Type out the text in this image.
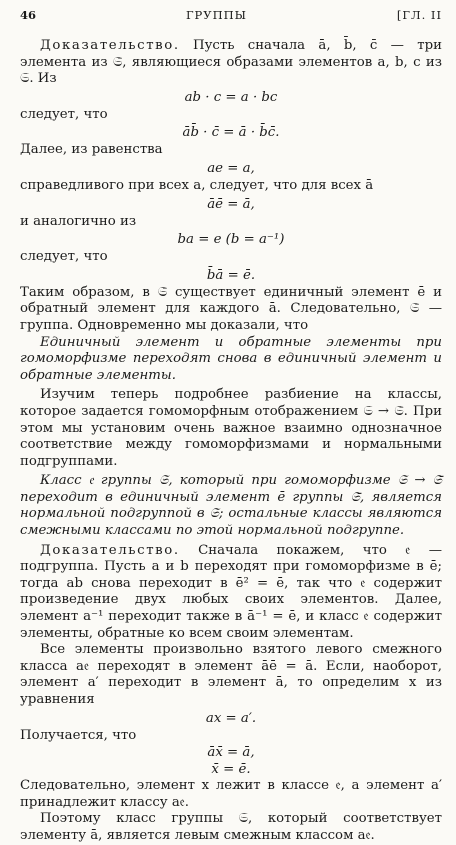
46	ГРУППЫ	[ГЛ. II

Доказательство. Пусть сначала ā, b̄, c̄ — три элемента из 𝔖̄, являющиеся образами элементов a, b, c из 𝔖. Из

ab · c = a · bc

следует, что

āb̄ · c̄ = ā · b̄c̄.

Далее, из равенства

ae = a,

справедливого при всех a, следует, что для всех ā

āē = ā,

и аналогично из

ba = e (b = a⁻¹)

следует, что

b̄ā = ē.

Таким образом, в 𝔖̄ существует единичный элемент ē и обратный элемент для каждого ā. Следовательно, 𝔖̄ — группа. Одновременно мы доказали, что

Единичный элемент и обратные элементы при гомоморфизме переходят снова в единичный элемент и обратные элементы.

Изучим теперь подробнее разбиение на классы, которое задается гомоморфным отображением 𝔖 → 𝔖̄. При этом мы установим очень важное взаимно однозначное соответствие между гомоморфизмами и нормальными подгруппами.

Класс 𝔢 группы 𝔖, который при гомоморфизме 𝔖 → 𝔖̄ переходит в единичный элемент ē группы 𝔖̄, является нормальной подгруппой в 𝔖; остальные классы являются смежными классами по этой нормальной подгруппе.

Доказательство. Сначала покажем, что 𝔢 — подгруппа. Пусть a и b переходят при гомоморфизме в ē; тогда ab снова переходит в ē² = ē, так что 𝔢 содержит произведение двух любых своих элементов. Далее, элемент a⁻¹ переходит также в ā⁻¹ = ē, и класс 𝔢 содержит элементы, обратные ко всем своим элементам.

Все элементы произвольно взятого левого смежного класса a𝔢 переходят в элемент āē = ā. Если, наоборот, элемент a′ переходит в элемент ā, то определим x из уравнения

ax = a′.

Получается, что

āx̄ = ā,

x̄ = ē.

Следовательно, элемент x лежит в классе 𝔢, а элемент a′ принадлежит классу a𝔢.

Поэтому класс группы 𝔖, который соответствует элементу ā, является левым смежным классом a𝔢.
